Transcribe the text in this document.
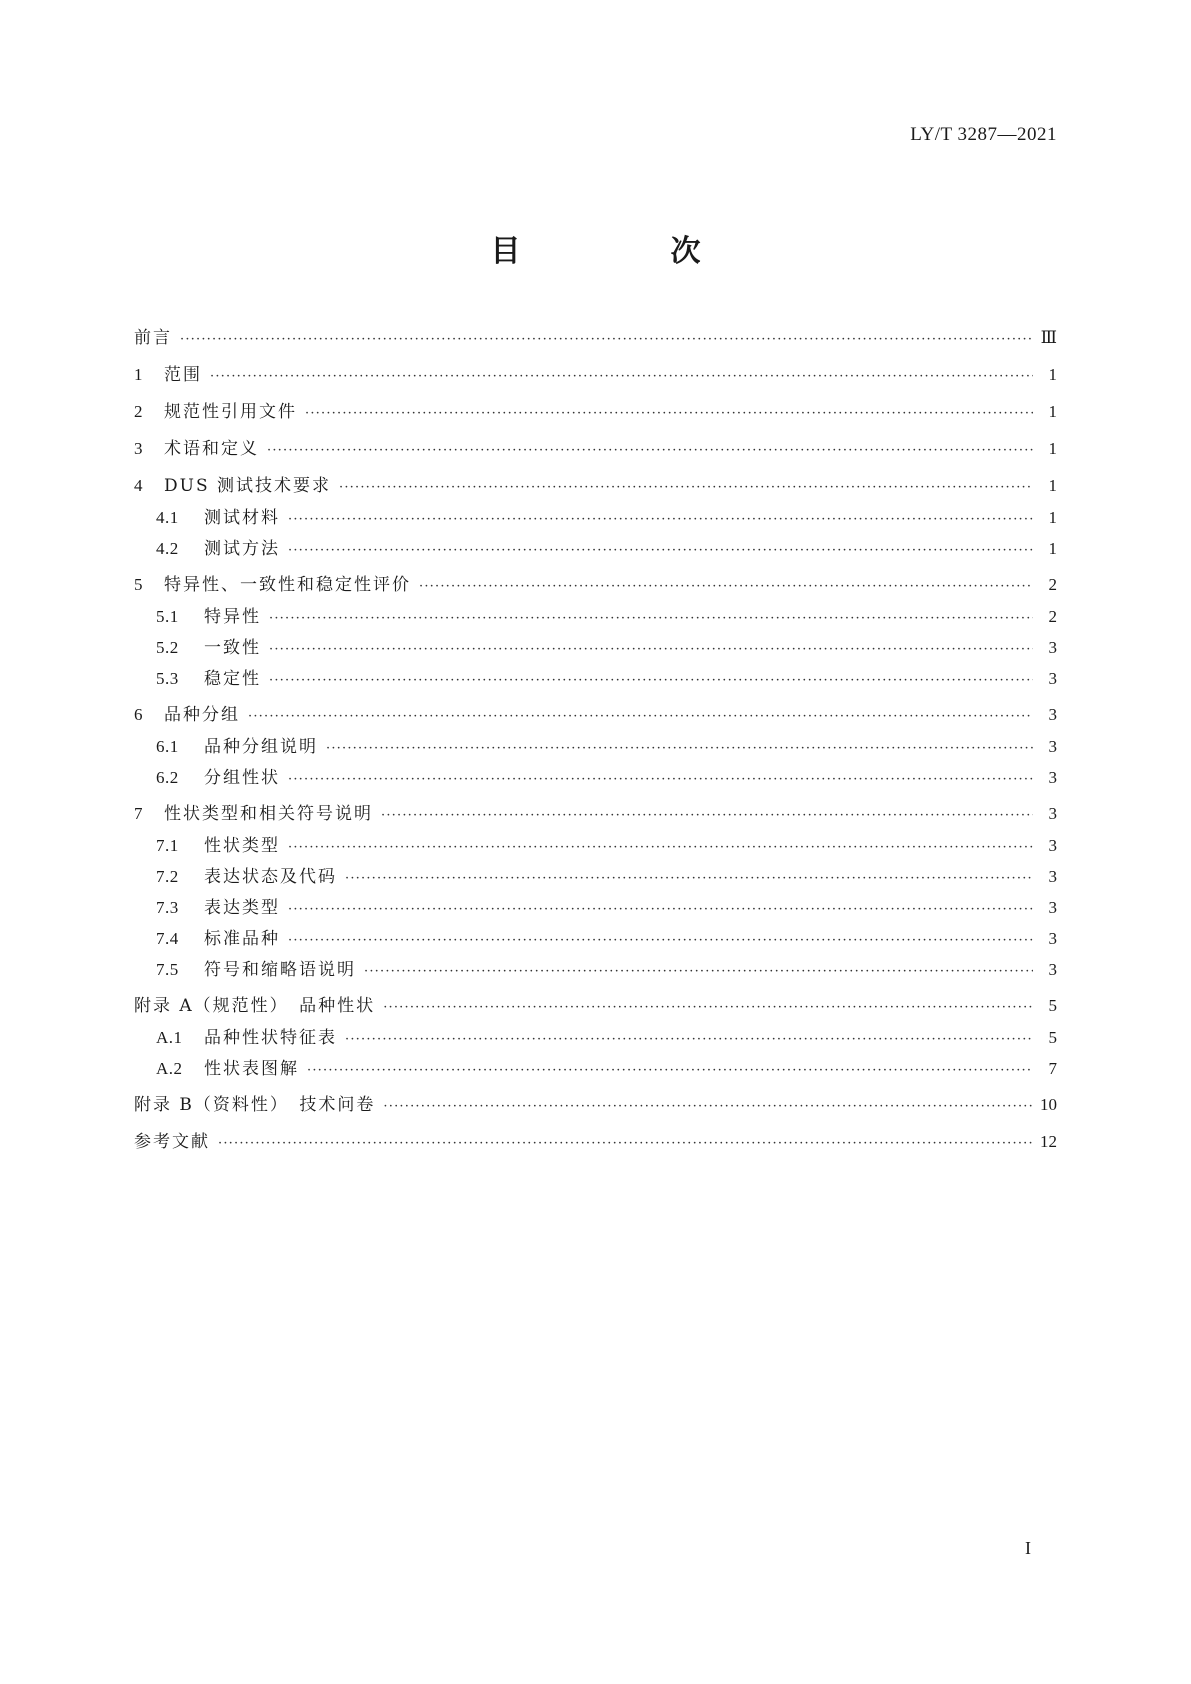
LY/T 3287—2021
目　次
前言 ·····	Ⅲ
1	范围 ·····	1
2	规范性引用文件 ·····	1
3	术语和定义 ·····	1
4	DUS 测试技术要求 ·····	1
4.1	测试材料 ·····	1
4.2	测试方法 ·····	1
5	特异性、一致性和稳定性评价 ·····	2
5.1	特异性 ·····	2
5.2	一致性 ·····	3
5.3	稳定性 ·····	3
6	品种分组 ·····	3
6.1	品种分组说明 ·····	3
6.2	分组性状 ·····	3
7	性状类型和相关符号说明 ·····	3
7.1	性状类型 ·····	3
7.2	表达状态及代码 ·····	3
7.3	表达类型 ·····	3
7.4	标准品种 ·····	3
7.5	符号和缩略语说明 ·····	3
附录 A（规范性）　品种性状 ·····	5
A.1	品种性状特征表 ·····	5
A.2	性状表图解 ·····	7
附录 B（资料性）　技术问卷 ·····	10
参考文献 ·····	12
I
